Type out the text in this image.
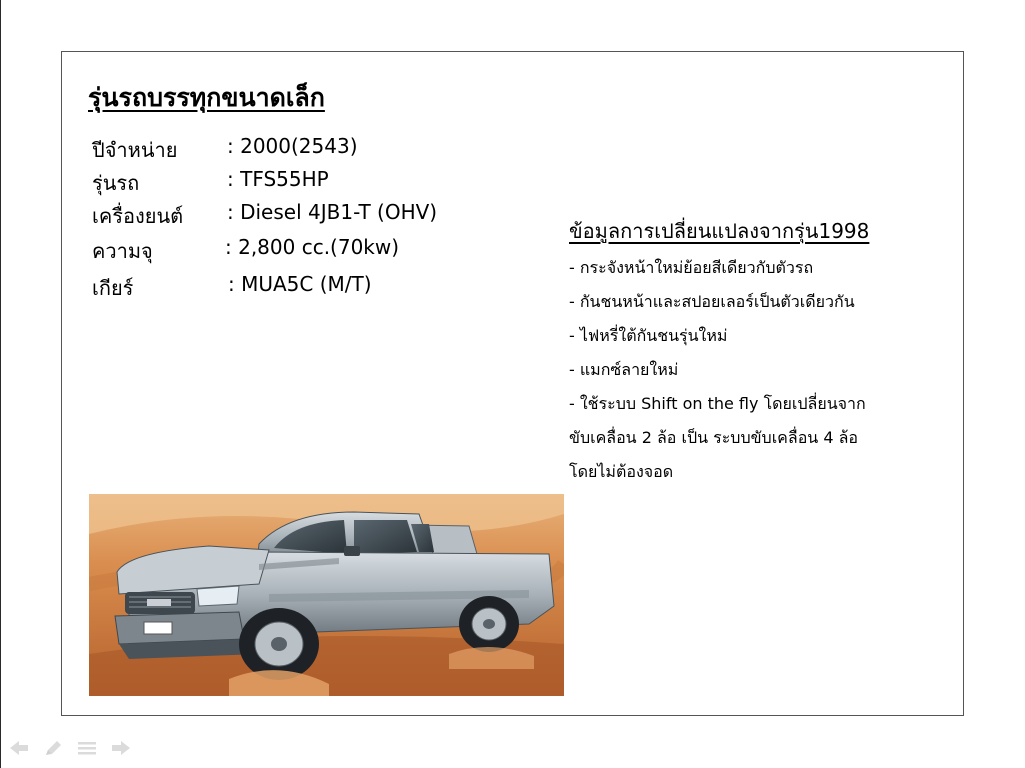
รุ่นรถบรรทุกขนาดเล็ก
ปีจำหน่าย : 2000(2543)
รุ่นรถ	: TFS55HP
เครื่องยนต์ : Diesel 4JB1-T (OHV)
ความจุ	: 2,800 cc.(70kw)
เกียร์	: MUA5C (M/T)
ข้อมูลการเปลี่ยนแปลงจากรุ่น1998
- กระจังหน้าใหม่ย้อยสีเดียวกับตัวรถ
- กันชนหน้าและสปอยเลอร์เป็นตัวเดียวกัน
- ไฟหรี่ใต้กันชนรุ่นใหม่
- แมกซ์ลายใหม่
- ใช้ระบบ Shift on the fly โดยเปลี่ยนจาก
ขับเคลื่อน 2 ล้อ เป็น ระบบขับเคลื่อน 4 ล้อ
โดยไม่ต้องจอด
